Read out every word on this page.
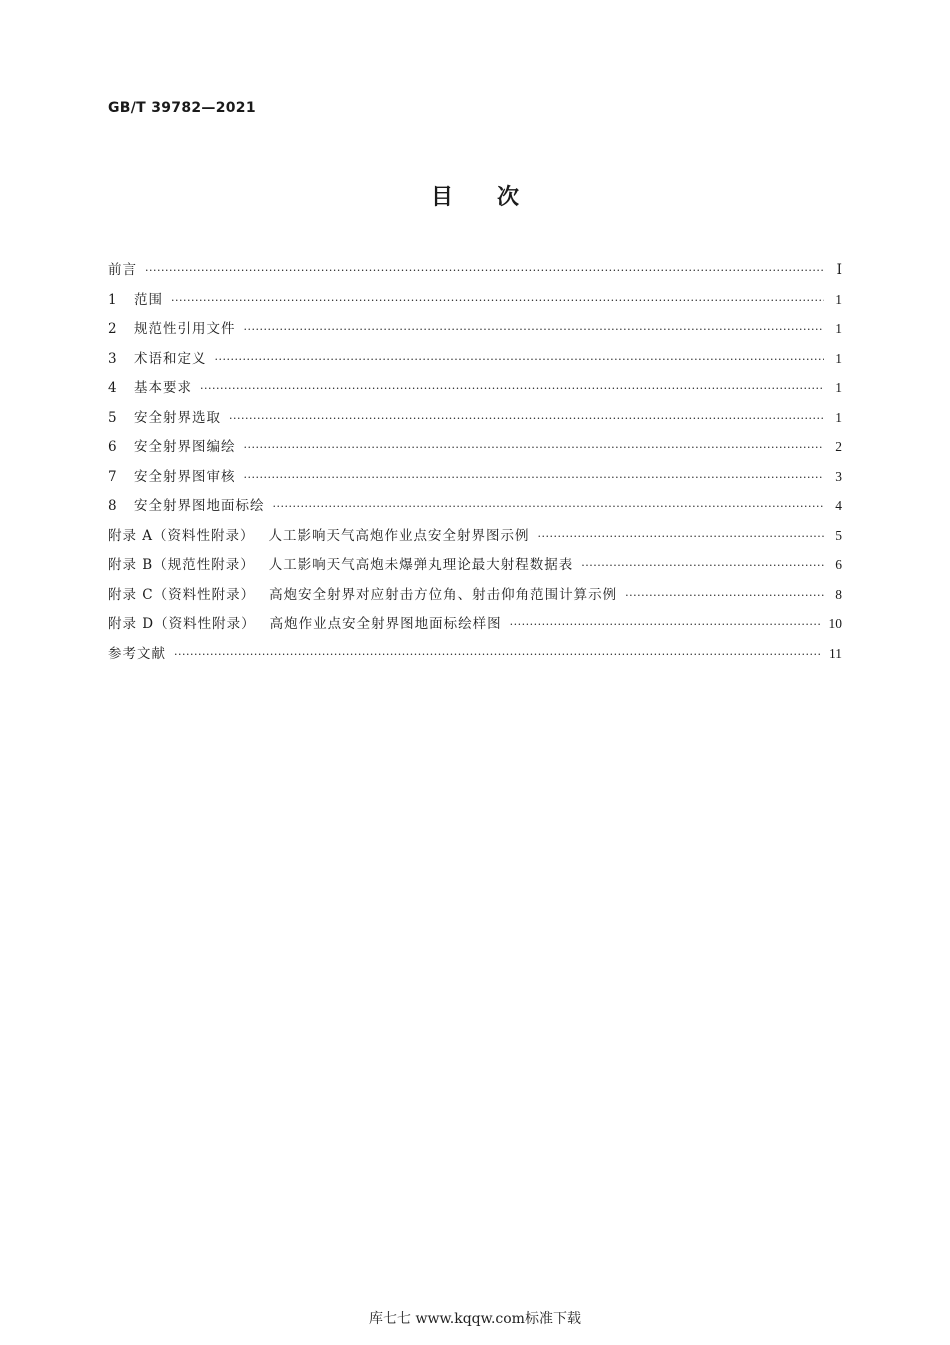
GB/T 39782—2021
目次
前言 ·····	Ⅰ
1	范围 ·····	1
2	规范性引用文件 ·····	1
3	术语和定义 ·····	1
4	基本要求 ·····	1
5	安全射界选取 ·····	1
6	安全射界图编绘 ·····	2
7	安全射界图审核 ·····	3
8	安全射界图地面标绘 ·····	4
附录 A（资料性附录） 人工影响天气高炮作业点安全射界图示例 ·····	5
附录 B（规范性附录） 人工影响天气高炮未爆弹丸理论最大射程数据表 ·····	6
附录 C（资料性附录） 高炮安全射界对应射击方位角、射击仰角范围计算示例 ·····	8
附录 D（资料性附录） 高炮作业点安全射界图地面标绘样图 ·····	10
参考文献 ·····	11
库七七 www.kqqw.com标准下载
